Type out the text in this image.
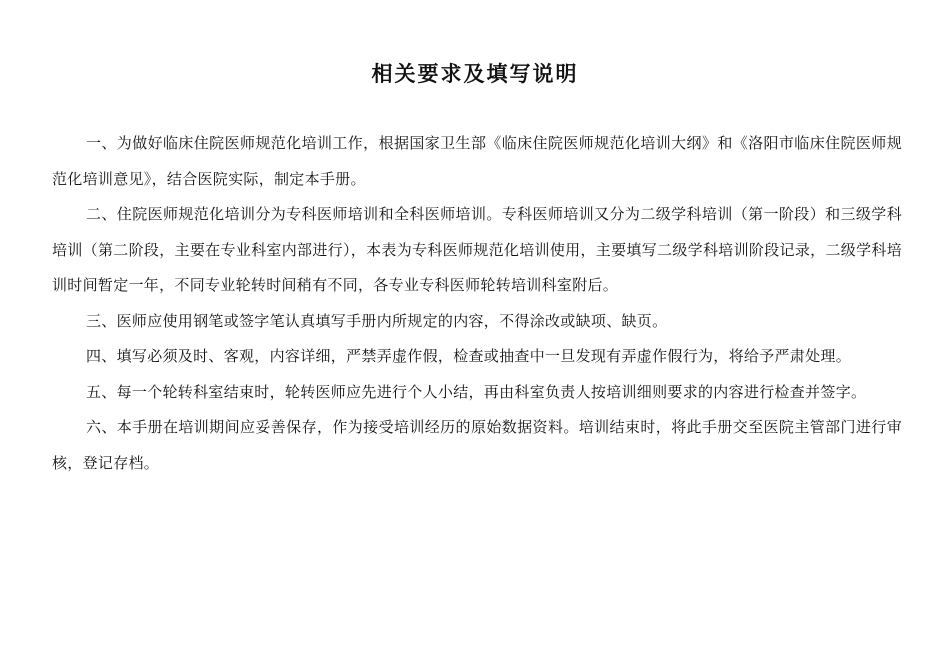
相关要求及填写说明

一、为做好临床住院医师规范化培训工作，根据国家卫生部《临床住院医师规范化培训大纲》和《洛阳市临床住院医师规范化培训意见》，结合医院实际，制定本手册。

二、住院医师规范化培训分为专科医师培训和全科医师培训。专科医师培训又分为二级学科培训（第一阶段）和三级学科培训（第二阶段，主要在专业科室内部进行），本表为专科医师规范化培训使用，主要填写二级学科培训阶段记录，二级学科培训时间暂定一年，不同专业轮转时间稍有不同，各专业专科医师轮转培训科室附后。

三、医师应使用钢笔或签字笔认真填写手册内所规定的内容，不得涂改或缺项、缺页。

四、填写必须及时、客观，内容详细，严禁弄虚作假，检查或抽查中一旦发现有弄虚作假行为，将给予严肃处理。

五、每一个轮转科室结束时，轮转医师应先进行个人小结，再由科室负责人按培训细则要求的内容进行检查并签字。

六、本手册在培训期间应妥善保存，作为接受培训经历的原始数据资料。培训结束时，将此手册交至医院主管部门进行审核，登记存档。
